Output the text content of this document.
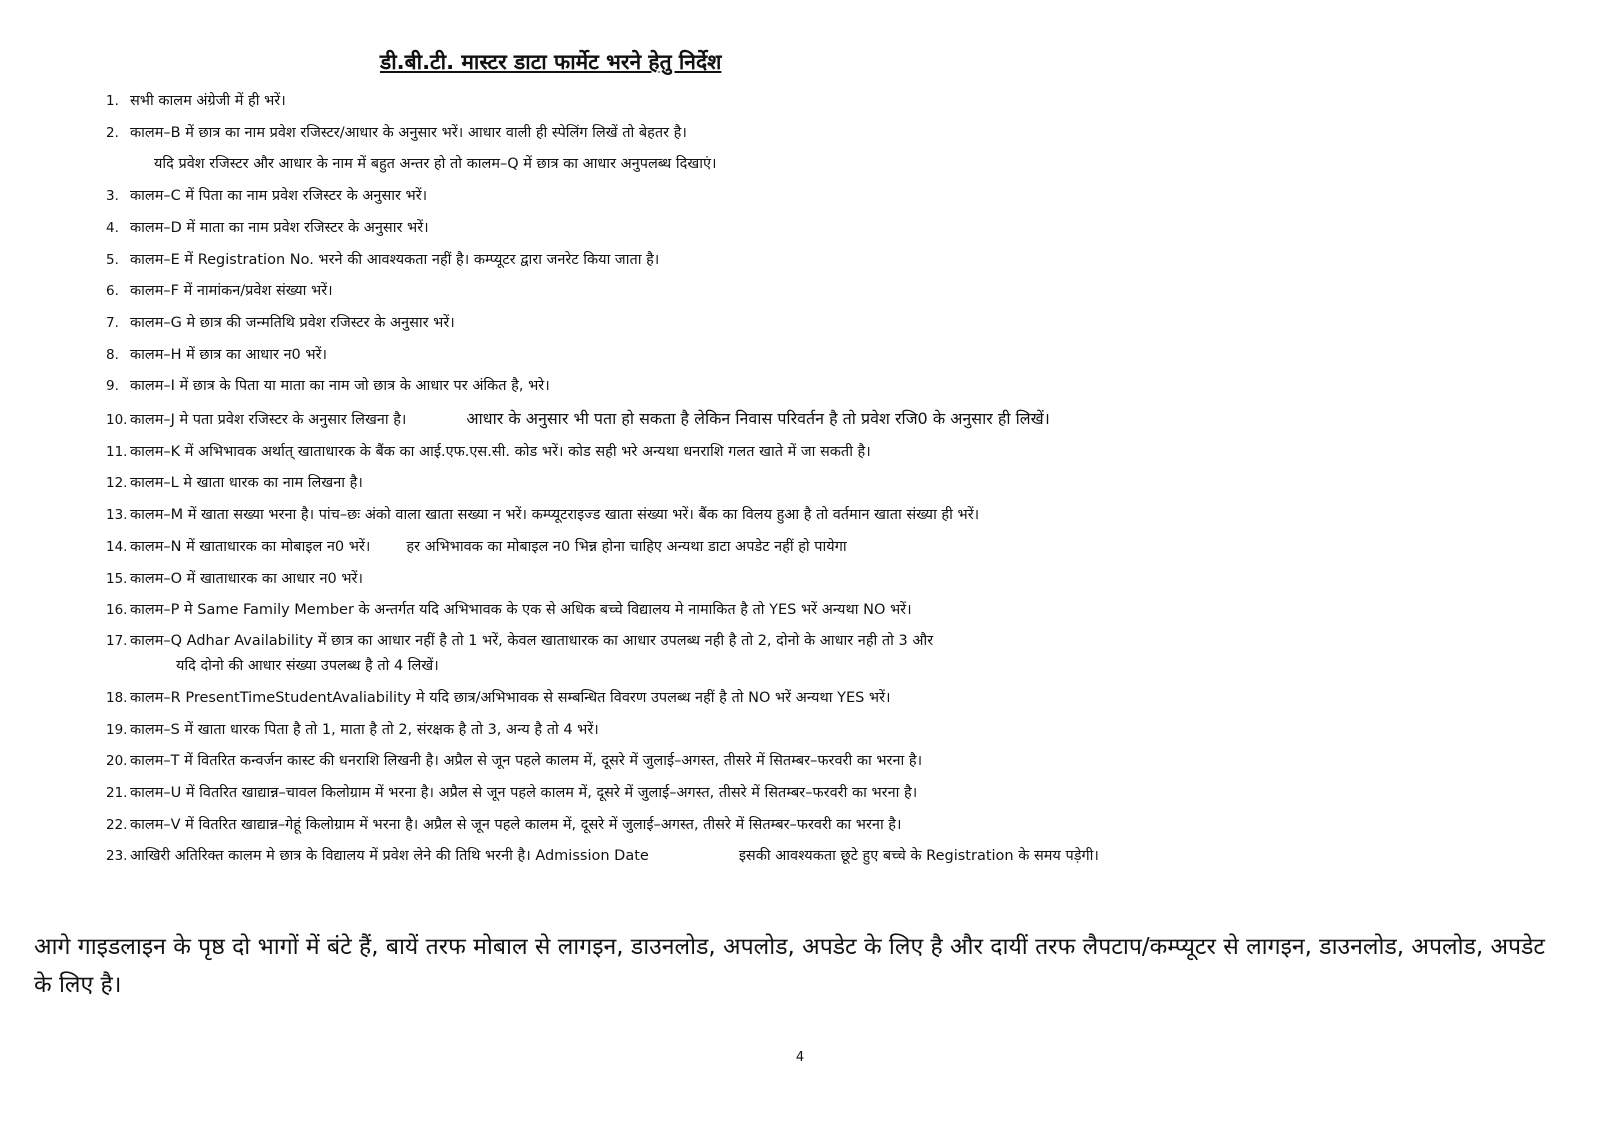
डी.बी.टी. मास्टर डाटा फार्मेट भरने हेतु निर्देश
1. सभी कालम अंग्रेजी में ही भरें।
2. कालम–B में छात्र का नाम प्रवेश रजिस्टर/आधार के अनुसार भरें। आधार वाली ही स्पेलिंग लिखें तो बेहतर है।
यदि प्रवेश रजिस्टर और आधार के नाम में बहुत अन्तर हो तो कालम–Q में छात्र का आधार अनुपलब्ध दिखाएं।
3. कालम–C में पिता का नाम प्रवेश रजिस्टर के अनुसार भरें।
4. कालम–D में माता का नाम प्रवेश रजिस्टर के अनुसार भरें।
5. कालम–E में Registration No. भरने की आवश्यकता नहीं है। कम्प्यूटर द्वारा जनरेट किया जाता है।
6. कालम–F में नामांकन/प्रवेश संख्या भरें।
7. कालम–G मे छात्र की जन्मतिथि प्रवेश रजिस्टर के अनुसार भरें।
8. कालम–H में छात्र का आधार न0 भरें।
9. कालम–I में छात्र के पिता या माता का नाम जो छात्र के आधार पर अंकित है, भरे।
10. कालम–J मे पता प्रवेश रजिस्टर के अनुसार लिखना है।	आधार के अनुसार भी पता हो सकता है लेकिन निवास परिवर्तन है तो प्रवेश रजि0 के अनुसार ही लिखें।
11. कालम–K में अभिभावक अर्थात् खाताधारक के बैंक का आई.एफ.एस.सी. कोड भरें। कोड सही भरे अन्यथा धनराशि गलत खाते में जा सकती है।
12. कालम–L मे खाता धारक का नाम लिखना है।
13. कालम–M में खाता सख्या भरना है। पांच–छः अंको वाला खाता सख्या न भरें। कम्प्यूटराइज्ड खाता संख्या भरें। बैंक का विलय हुआ है तो वर्तमान खाता संख्या ही भरें।
14. कालम–N में खाताधारक का मोबाइल न0 भरें। हर अभिभावक का मोबाइल न0 भिन्न होना चाहिए अन्यथा डाटा अपडेट नहीं हो पायेगा
15. कालम–O में खाताधारक का आधार न0 भरें।
16. कालम–P मे Same Family Member के अन्तर्गत यदि अभिभावक के एक से अधिक बच्चे विद्यालय मे नामाकित है तो YES भरें अन्यथा NO भरें।
17. कालम–Q Adhar Availability में छात्र का आधार नहीं है तो 1 भरें, केवल खाताधारक का आधार उपलब्ध नही है तो 2, दोनो के आधार नही तो 3 और
यदि दोनो की आधार संख्या उपलब्ध है तो 4 लिखें।
18. कालम–R PresentTimeStudentAvaliability मे यदि छात्र/अभिभावक से सम्बन्धित विवरण उपलब्ध नहीं है तो NO भरें अन्यथा YES भरें।
19. कालम–S में खाता धारक पिता है तो 1, माता है तो 2, संरक्षक है तो 3, अन्य है तो 4 भरें।
20. कालम–T में वितरित कन्वर्जन कास्ट की धनराशि लिखनी है। अप्रैल से जून पहले कालम में, दूसरे में जुलाई–अगस्त, तीसरे में सितम्बर–फरवरी का भरना है।
21. कालम–U में वितरित खाद्यान्न–चावल किलोग्राम में भरना है। अप्रैल से जून पहले कालम में, दूसरे में जुलाई–अगस्त, तीसरे में सितम्बर–फरवरी का भरना है।
22. कालम–V में वितरित खाद्यान्न–गेहूं किलोग्राम में भरना है। अप्रैल से जून पहले कालम में, दूसरे में जुलाई–अगस्त, तीसरे में सितम्बर–फरवरी का भरना है।
23. आखिरी अतिरिक्त कालम मे छात्र के विद्यालय में प्रवेश लेने की तिथि भरनी है। Admission Date	इसकी आवश्यकता छूटे हुए बच्चे के Registration के समय पड़ेगी।
आगे गाइडलाइन के पृष्ठ दो भागों में बंटे हैं, बायें तरफ मोबाल से लागइन, डाउनलोड, अपलोड, अपडेट के लिए है और दायीं तरफ लैपटाप/कम्प्यूटर से लागइन, डाउनलोड, अपलोड, अपडेट के लिए है।
4
